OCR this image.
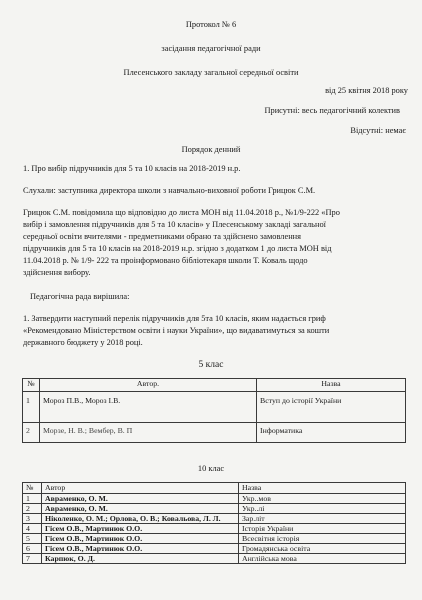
Протокол № 6
засідання педагогічної ради
Плесенського закладу загальної середньої освіти
від 25 квітня 2018 року
Присутні: весь педагогічний колектив
Відсутні: немає
Порядок денний
1. Про вибір підручників для 5 та 10 класів на 2018-2019 н.р.
Слухали: заступника директора школи з навчально-виховної роботи Грицюк С.М.
Грицюк С.М. повідомила що відповідно до листа МОН від 11.04.2018 р., №1/9-222 «Про
вибір і замовлення підручників для 5 та 10 класів» у Плесенському закладі загальної
середньої освіти вчителями - предметниками обрано та здійснено замовлення
підручників для 5 та 10 класів на 2018-2019 н.р. згідно з додатком 1 до листа МОН від
11.04.2018 р. № 1/9- 222 та проінформовано бібліотекаря школи Т. Коваль щодо
здійснення вибору.
Педагогічна рада вирішила:
1. Затвердити наступний перелік підручників для 5та 10 класів, яким надається гриф
«Рекомендовано Міністерством освіти і науки України», що видаватимуться за кошти
державного бюджету у 2018 році.
5 клас
№	Автор.	Назва
1	Мороз П.В., Мороз І.В.	Вступ до історії України
2	Морзе, Н. В.; Вембер, В. П	Інформатика
10 клас
№	Автор	Назва
1	Авраменко, О. М.	Укр..мов
2	Авраменко, О. М.	Укр..лі
3	Ніколенко, О. М.; Орлова, О. В.; Ковальова, Л. Л.	Зар.літ
4	Гісем О.В., Мартинюк О.О.	Історія України
5	Гісем О.В., Мартинюк О.О.	Всесвітня історія
6	Гісем О.В., Мартинюк О.О.	Громадянська освіта
7	Карпюк, О. Д.	Англійська мова
